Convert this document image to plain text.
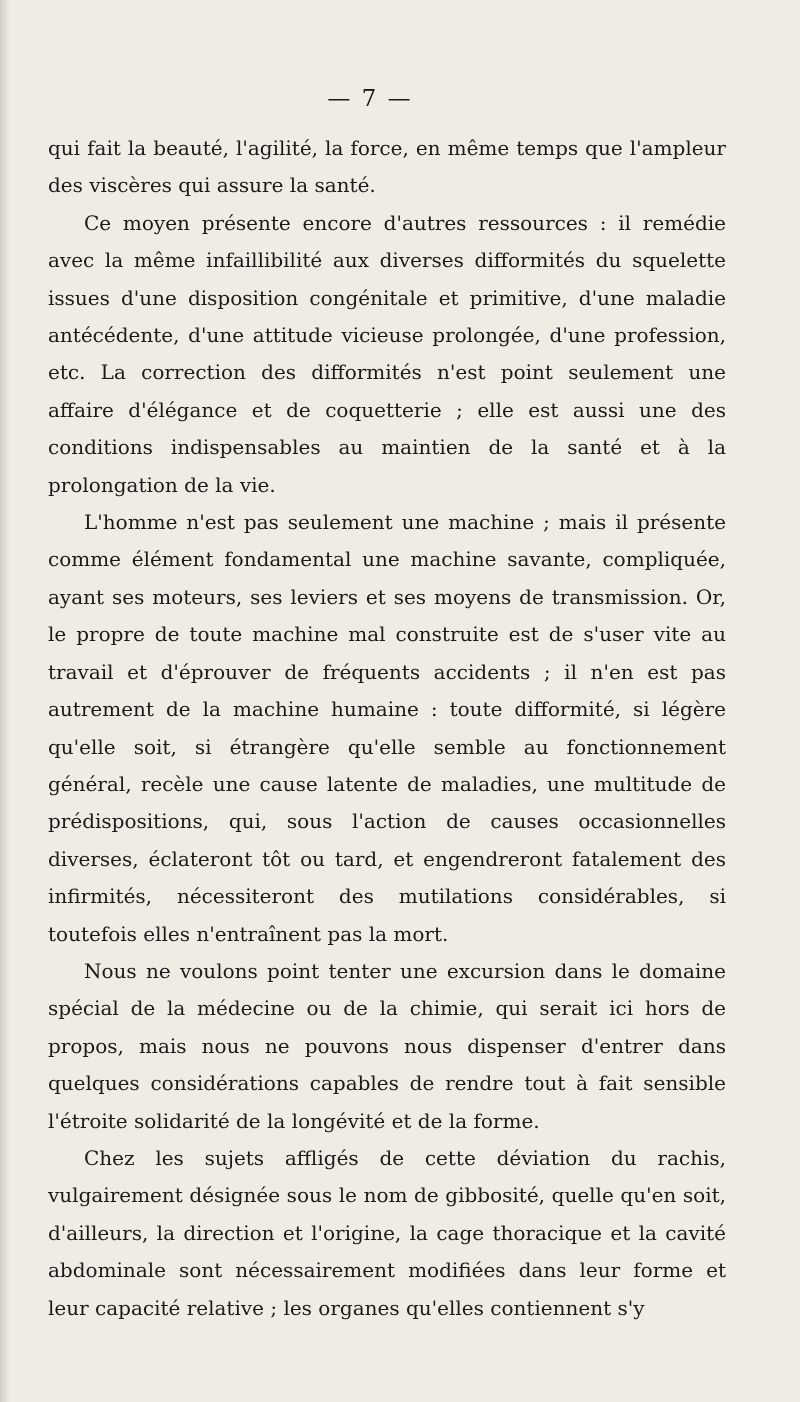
— 7 —

qui fait la beauté, l'agilité, la force, en même temps que l'ampleur des viscères qui assure la santé.

Ce moyen présente encore d'autres ressources : il remédie avec la même infaillibilité aux diverses difformités du squelette issues d'une disposition congénitale et primitive, d'une maladie antécédente, d'une attitude vicieuse prolongée, d'une profession, etc. La correction des difformités n'est point seulement une affaire d'élégance et de coquetterie ; elle est aussi une des conditions indispensables au maintien de la santé et à la prolongation de la vie.

L'homme n'est pas seulement une machine ; mais il présente comme élément fondamental une machine savante, compliquée, ayant ses moteurs, ses leviers et ses moyens de transmission. Or, le propre de toute machine mal construite est de s'user vite au travail et d'éprouver de fréquents accidents ; il n'en est pas autrement de la machine humaine : toute difformité, si légère qu'elle soit, si étrangère qu'elle semble au fonctionnement général, recèle une cause latente de maladies, une multitude de prédispositions, qui, sous l'action de causes occasionnelles diverses, éclateront tôt ou tard, et engendreront fatalement des infirmités, nécessiteront des mutilations considérables, si toutefois elles n'entraînent pas la mort.

Nous ne voulons point tenter une excursion dans le domaine spécial de la médecine ou de la chimie, qui serait ici hors de propos, mais nous ne pouvons nous dispenser d'entrer dans quelques considérations capables de rendre tout à fait sensible l'étroite solidarité de la longévité et de la forme.

Chez les sujets affligés de cette déviation du rachis, vulgairement désignée sous le nom de gibbosité, quelle qu'en soit, d'ailleurs, la direction et l'origine, la cage thoracique et la cavité abdominale sont nécessairement modifiées dans leur forme et leur capacité relative ; les organes qu'elles contiennent s'y
